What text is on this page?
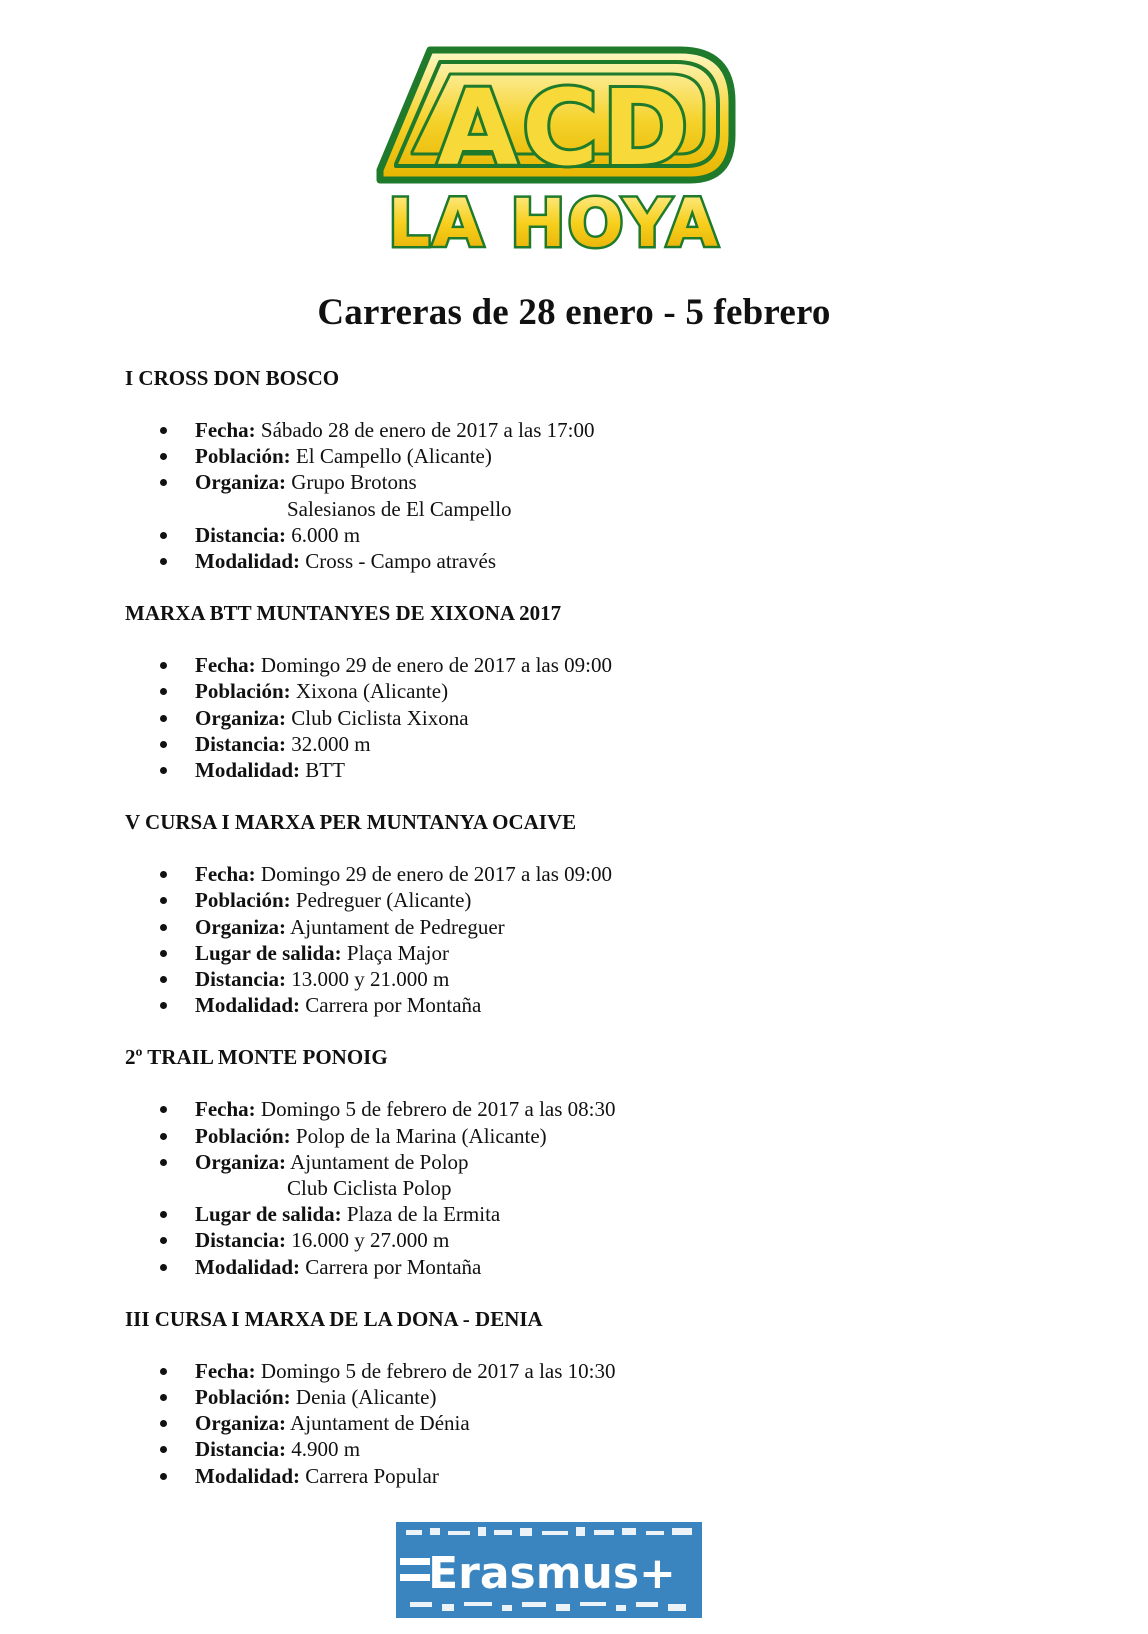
ACD
LA HOYA
Carreras de 28 enero - 5 febrero
I CROSS DON BOSCO
Fecha: Sábado 28 de enero de 2017 a las 17:00
Población: El Campello (Alicante)
Organiza: Grupo Brotons
Salesianos de El Campello
Distancia: 6.000 m
Modalidad: Cross - Campo através
MARXA BTT MUNTANYES DE XIXONA 2017
Fecha: Domingo 29 de enero de 2017 a las 09:00
Población: Xixona (Alicante)
Organiza: Club Ciclista Xixona
Distancia: 32.000 m
Modalidad: BTT
V CURSA I MARXA PER MUNTANYA OCAIVE
Fecha: Domingo 29 de enero de 2017 a las 09:00
Población: Pedreguer (Alicante)
Organiza: Ajuntament de Pedreguer
Lugar de salida: Plaça Major
Distancia: 13.000 y 21.000 m
Modalidad: Carrera por Montaña
2º TRAIL MONTE PONOIG
Fecha: Domingo 5 de febrero de 2017 a las 08:30
Población: Polop de la Marina (Alicante)
Organiza: Ajuntament de Polop
Club Ciclista Polop
Lugar de salida: Plaza de la Ermita
Distancia: 16.000 y 27.000 m
Modalidad: Carrera por Montaña
III CURSA I MARXA DE LA DONA - DENIA
Fecha: Domingo 5 de febrero de 2017 a las 10:30
Población: Denia (Alicante)
Organiza: Ajuntament de Dénia
Distancia: 4.900 m
Modalidad: Carrera Popular
Erasmus+
